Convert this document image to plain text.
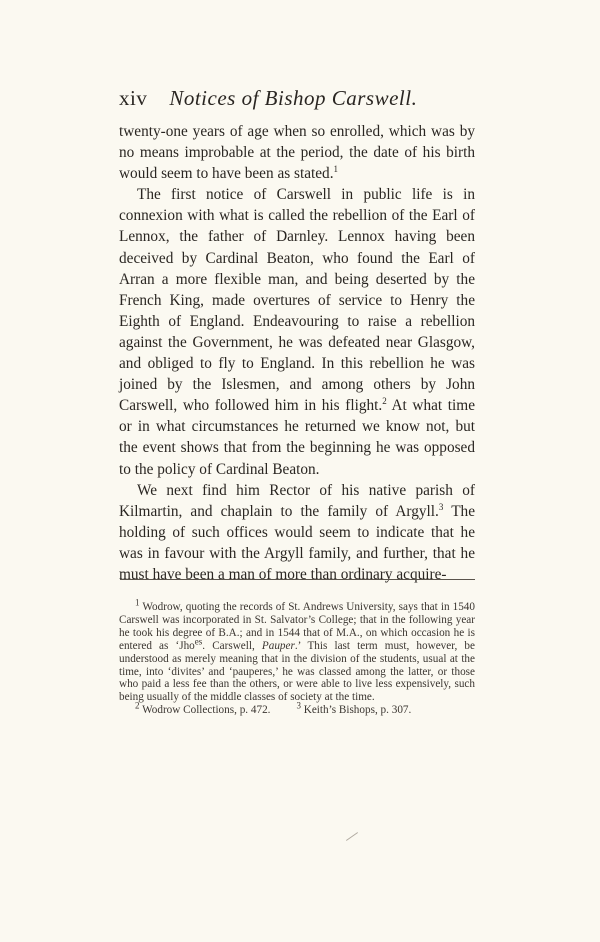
xiv Notices of Bishop Carswell.

twenty-one years of age when so enrolled, which was by no means improbable at the period, the date of his birth would seem to have been as stated.$^1$

The first notice of Carswell in public life is in connexion with what is called the rebellion of the Earl of Lennox, the father of Darnley. Lennox having been deceived by Cardinal Beaton, who found the Earl of Arran a more flexible man, and being deserted by the French King, made overtures of service to Henry the Eighth of England. Endeavouring to raise a rebellion against the Government, he was defeated near Glasgow, and obliged to fly to England. In this rebellion he was joined by the Islesmen, and among others by John Carswell, who followed him in his flight.$^2$ At what time or in what circumstances he returned we know not, but the event shows that from the beginning he was opposed to the policy of Cardinal Beaton.

We next find him Rector of his native parish of Kilmartin, and chaplain to the family of Argyll.$^3$ The holding of such offices would seem to indicate that he was in favour with the Argyll family, and further, that he must have been a man of more than ordinary acquire-

$^1$ Wodrow, quoting the records of St. Andrews University, says that in 1540 Carswell was incorporated in St. Salvator’s College; that in the following year he took his degree of B.A.; and in 1544 that of M.A., on which occasion he is entered as ‘Jho$^{es}$. Carswell, Pauper.’ This last term must, however, be understood as merely meaning that in the division of the students, usual at the time, into ‘divites’ and ‘pauperes,’ he was classed among the latter, or those who paid a less fee than the others, or were able to live less expensively, such being usually of the middle classes of society at the time.

$^2$ Wodrow Collections, p. 472.	$^3$ Keith’s Bishops, p. 307.
